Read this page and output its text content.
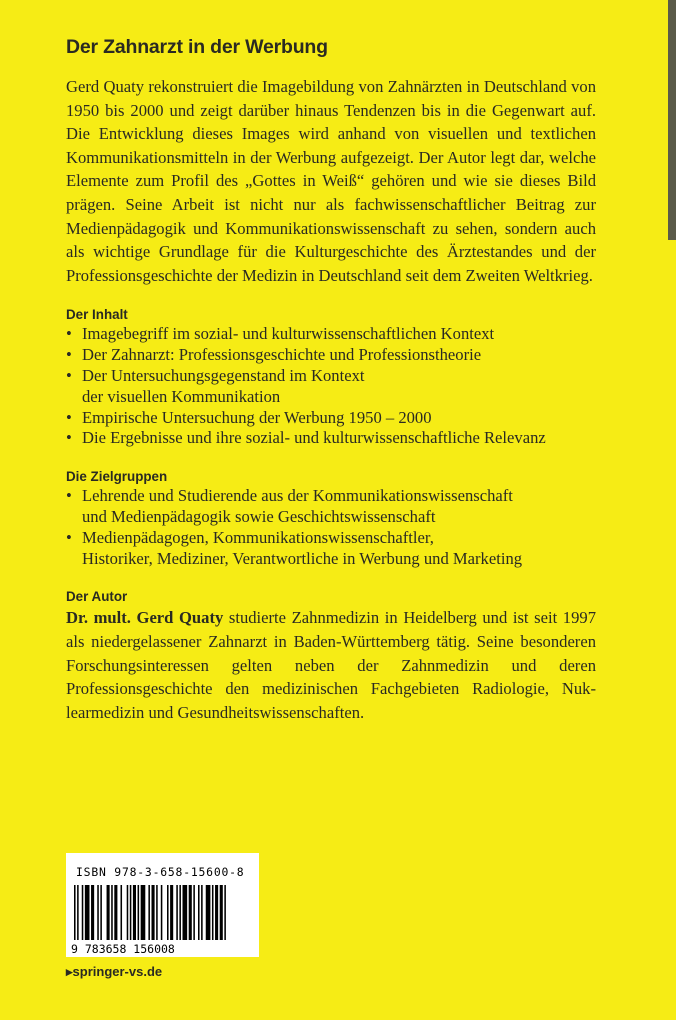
Der Zahnarzt in der Werbung

Gerd Quaty rekonstruiert die Imagebildung von Zahnärzten in Deutschland von 1950 bis 2000 und zeigt darüber hinaus Tendenzen bis in die Gegenwart auf. Die Entwicklung dieses Images wird anhand von visuellen und textlichen Kommunikationsmitteln in der Werbung aufgezeigt. Der Autor legt dar, welche Elemente zum Profil des „Gottes in Weiß“ gehören und wie sie dieses Bild prägen. Seine Arbeit ist nicht nur als fachwissenschaftlicher Beitrag zur Medienpädagogik und Kommunikationswissenschaft zu sehen, sondern auch als wichtige Grundlage für die Kulturgeschichte des Ärztestandes und der Professionsgeschichte der Medizin in Deutschland seit dem Zweiten Weltkrieg.

Der Inhalt
• Imagebegriff im sozial- und kulturwissenschaftlichen Kontext
• Der Zahnarzt: Professionsgeschichte und Professionstheorie
• Der Untersuchungsgegenstand im Kontext
der visuellen Kommunikation
• Empirische Untersuchung der Werbung 1950 – 2000
• Die Ergebnisse und ihre sozial- und kulturwissenschaftliche Relevanz
Die Zielgruppen
• Lehrende und Studierende aus der Kommunikationswissenschaft
und Medienpädagogik sowie Geschichtswissenschaft
• Medienpädagogen, Kommunikationswissenschaftler,
Historiker, Mediziner, Verantwortliche in Werbung und Marketing
Der Autor

Dr. mult. Gerd Quaty studierte Zahnmedizin in Heidelberg und ist seit 1997 als niedergelassener Zahnarzt in Baden-Württemberg tätig. Seine besonderen Forschungsinteressen gelten neben der Zahnmedizin und deren Professionsgeschichte den medizinischen Fachgebieten Radiologie, Nuklearmedizin und Gesundheitswissenschaften.

ISBN 978-3-658-15600-8
9 783658 156008
▸springer-vs.de
